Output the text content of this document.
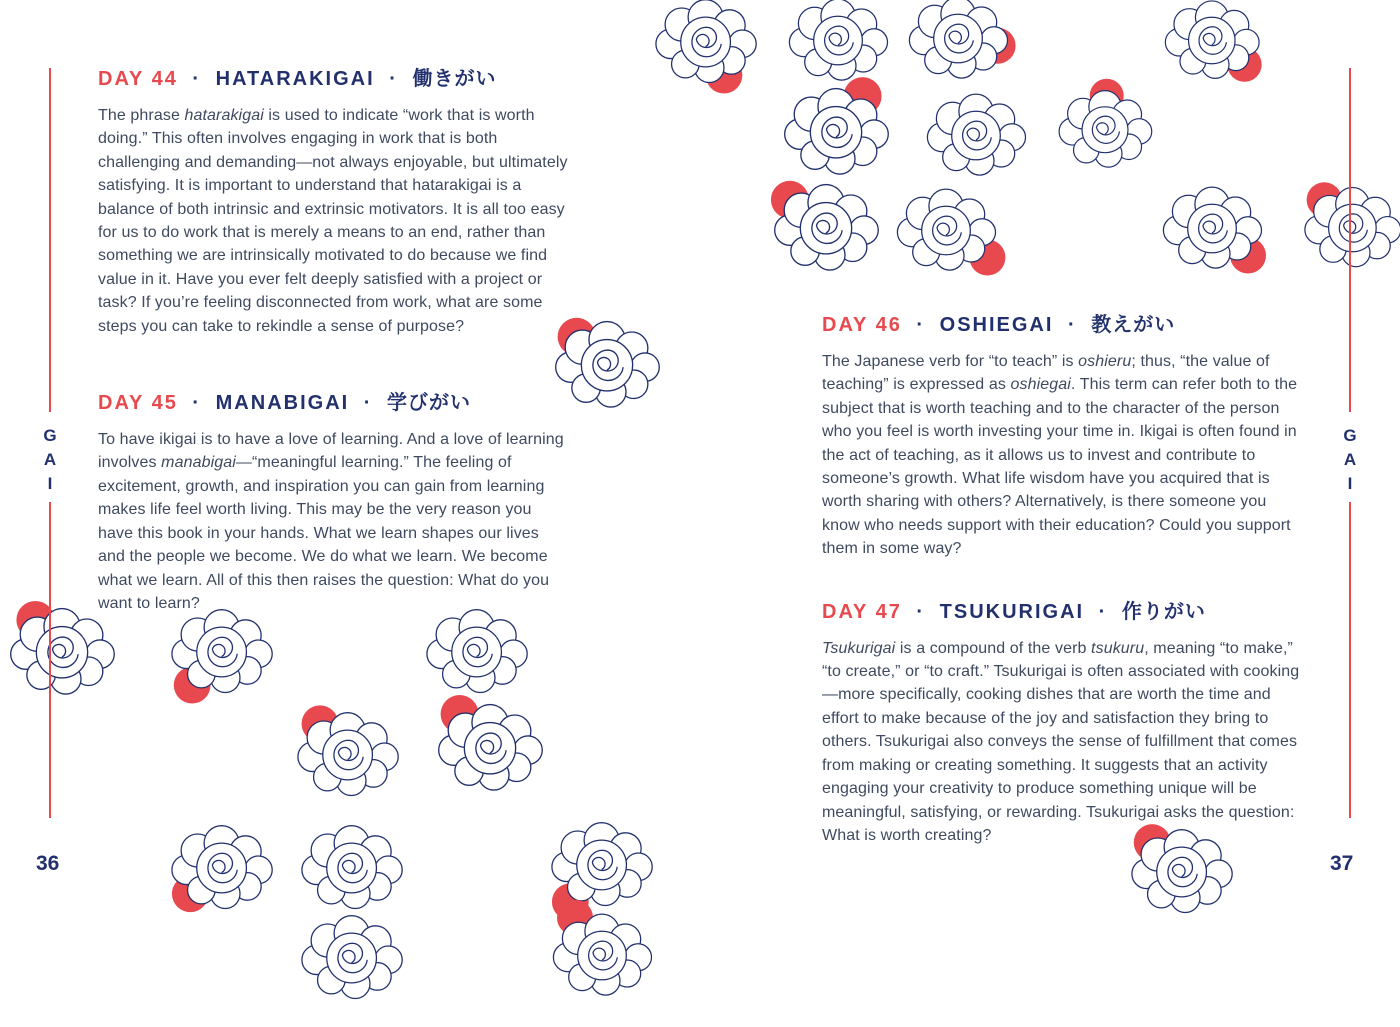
G
A
I
G
A
I
DAY 44 · HATARAKIGAI · 働きがい

The phrase hatarakigai is used to indicate “work that is worth doing.” This often involves engaging in work that is both challenging and demanding—not always enjoyable, but ultimately satisfying. It is important to understand that hatarakigai is a balance of both intrinsic and extrinsic motivators. It is all too easy for us to do work that is merely a means to an end, rather than something we are intrinsically motivated to do because we find value in it. Have you ever felt deeply satisfied with a project or task? If you’re feeling disconnected from work, what are some steps you can take to rekindle a sense of purpose?

DAY 45 · MANABIGAI · 学びがい

To have ikigai is to have a love of learning. And a love of learning involves manabigai—“meaningful learning.” The feeling of excitement, growth, and inspiration you can gain from learning makes life feel worth living. This may be the very reason you have this book in your hands. What we learn shapes our lives and the people we become. We do what we learn. We become what we learn. All of this then raises the question: What do you want to learn?

DAY 46 · OSHIEGAI · 教えがい

The Japanese verb for “to teach” is oshieru; thus, “the value of teaching” is expressed as oshiegai. This term can refer both to the subject that is worth teaching and to the character of the person who you feel is worth investing your time in. Ikigai is often found in the act of teaching, as it allows us to invest and contribute to someone’s growth. What life wisdom have you acquired that is worth sharing with others? Alternatively, is there someone you know who needs support with their education? Could you support them in some way?

DAY 47 · TSUKURIGAI · 作りがい

Tsukurigai is a compound of the verb tsukuru, meaning “to make,” “to create,” or “to craft.” Tsukurigai is often associated with cooking—more specifically, cooking dishes that are worth the time and effort to make because of the joy and satisfaction they bring to others. Tsukurigai also conveys the sense of fulfillment that comes from making or creating something. It suggests that an activity engaging your creativity to produce something unique will be meaningful, satisfying, or rewarding. Tsukurigai asks the question: What is worth creating?

36	37
